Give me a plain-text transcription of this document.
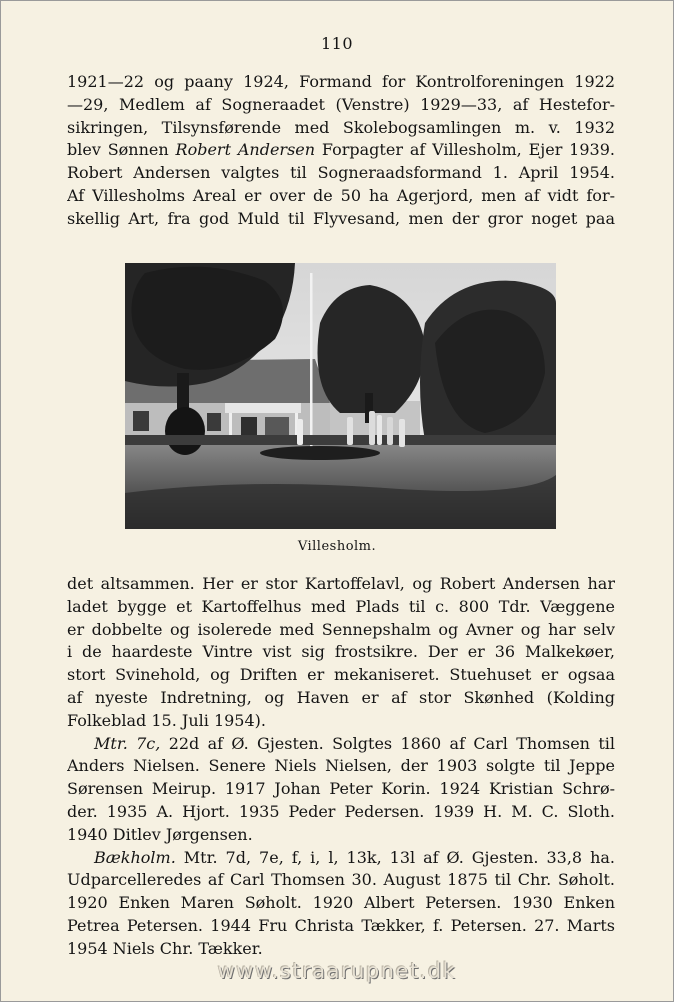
110
1921—22 og paany 1924, Formand for Kontrolforeningen 1922
—29, Medlem af Sogneraadet (Venstre) 1929—33, af Hestefor-
sikringen, Tilsynsførende med Skolebogsamlingen m. v. 1932
blev Sønnen Robert Andersen Forpagter af Villesholm, Ejer 1939.
Robert Andersen valgtes til Sogneraadsformand 1. April 1954.
Af Villesholms Areal er over de 50 ha Agerjord, men af vidt for-
skellig Art, fra god Muld til Flyvesand, men der gror noget paa
Villesholm.
det altsammen. Her er stor Kartoffelavl, og Robert Andersen har
ladet bygge et Kartoffelhus med Plads til c. 800 Tdr. Væggene
er dobbelte og isolerede med Sennepshalm og Avner og har selv
i de haardeste Vintre vist sig frostsikre. Der er 36 Malkekøer,
stort Svinehold, og Driften er mekaniseret. Stuehuset er ogsaa
af nyeste Indretning, og Haven er af stor Skønhed (Kolding
Folkeblad 15. Juli 1954).
Mtr. 7c, 22d af Ø. Gjesten. Solgtes 1860 af Carl Thomsen til
Anders Nielsen. Senere Niels Nielsen, der 1903 solgte til Jeppe
Sørensen Meirup. 1917 Johan Peter Korin. 1924 Kristian Schrø-
der. 1935 A. Hjort. 1935 Peder Pedersen. 1939 H. M. C. Sloth.
1940 Ditlev Jørgensen.
Bækholm. Mtr. 7d, 7e, f, i, l, 13k, 13l af Ø. Gjesten. 33,8 ha.
Udparcelleredes af Carl Thomsen 30. August 1875 til Chr. Søholt.
1920 Enken Maren Søholt. 1920 Albert Petersen. 1930 Enken
Petrea Petersen. 1944 Fru Christa Tækker, f. Petersen. 27. Marts
1954 Niels Chr. Tækker.
www.straarupnet.dk
